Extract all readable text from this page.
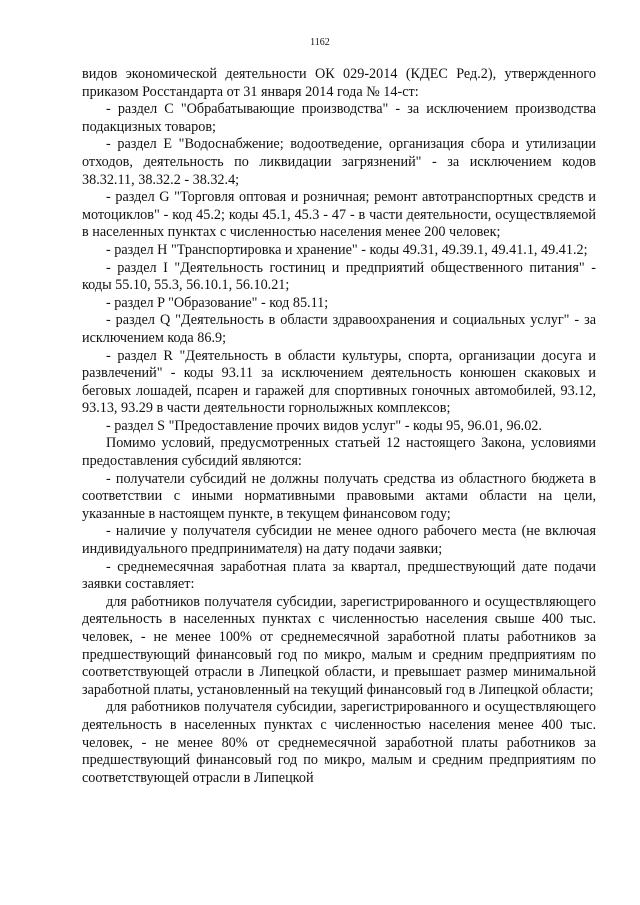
1162

видов экономической деятельности ОК 029-2014 (КДЕС Ред.2), утвержденного приказом Росстандарта от 31 января 2014 года № 14-ст:

- раздел С "Обрабатывающие производства" - за исключением производства подакцизных товаров;

- раздел Е "Водоснабжение; водоотведение, организация сбора и утилизации отходов, деятельность по ликвидации загрязнений" - за исключением кодов 38.32.11, 38.32.2 - 38.32.4;

- раздел G "Торговля оптовая и розничная; ремонт автотранспортных средств и мотоциклов" - код 45.2; коды 45.1, 45.3 - 47 - в части деятельности, осуществляемой в населенных пунктах с численностью населения менее 200 человек;

- раздел H "Транспортировка и хранение" - коды 49.31, 49.39.1, 49.41.1, 49.41.2;

- раздел I "Деятельность гостиниц и предприятий общественного питания" - коды 55.10, 55.3, 56.10.1, 56.10.21;

- раздел P "Образование" - код 85.11;

- раздел Q "Деятельность в области здравоохранения и социальных услуг" - за исключением кода 86.9;

- раздел R "Деятельность в области культуры, спорта, организации досуга и развлечений" - коды 93.11 за исключением деятельность конюшен скаковых и беговых лошадей, псарен и гаражей для спортивных гоночных автомобилей, 93.12, 93.13, 93.29 в части деятельности горнолыжных комплексов;

- раздел S "Предоставление прочих видов услуг" - коды 95, 96.01, 96.02.

Помимо условий, предусмотренных статьей 12 настоящего Закона, условиями предоставления субсидий являются:

- получатели субсидий не должны получать средства из областного бюджета в соответствии с иными нормативными правовыми актами области на цели, указанные в настоящем пункте, в текущем финансовом году;

- наличие у получателя субсидии не менее одного рабочего места (не включая индивидуального предпринимателя) на дату подачи заявки;

- среднемесячная заработная плата за квартал, предшествующий дате подачи заявки составляет:

для работников получателя субсидии, зарегистрированного и осуществляющего деятельность в населенных пунктах с численностью населения свыше 400 тыс. человек, - не менее 100% от среднемесячной заработной платы работников за предшествующий финансовый год по микро, малым и средним предприятиям по соответствующей отрасли в Липецкой области, и превышает размер минимальной заработной платы, установленный на текущий финансовый год в Липецкой области;

для работников получателя субсидии, зарегистрированного и осуществляющего деятельность в населенных пунктах с численностью населения менее 400 тыс. человек, - не менее 80% от среднемесячной заработной платы работников за предшествующий финансовый год по микро, малым и средним предприятиям по соответствующей отрасли в Липецкой
